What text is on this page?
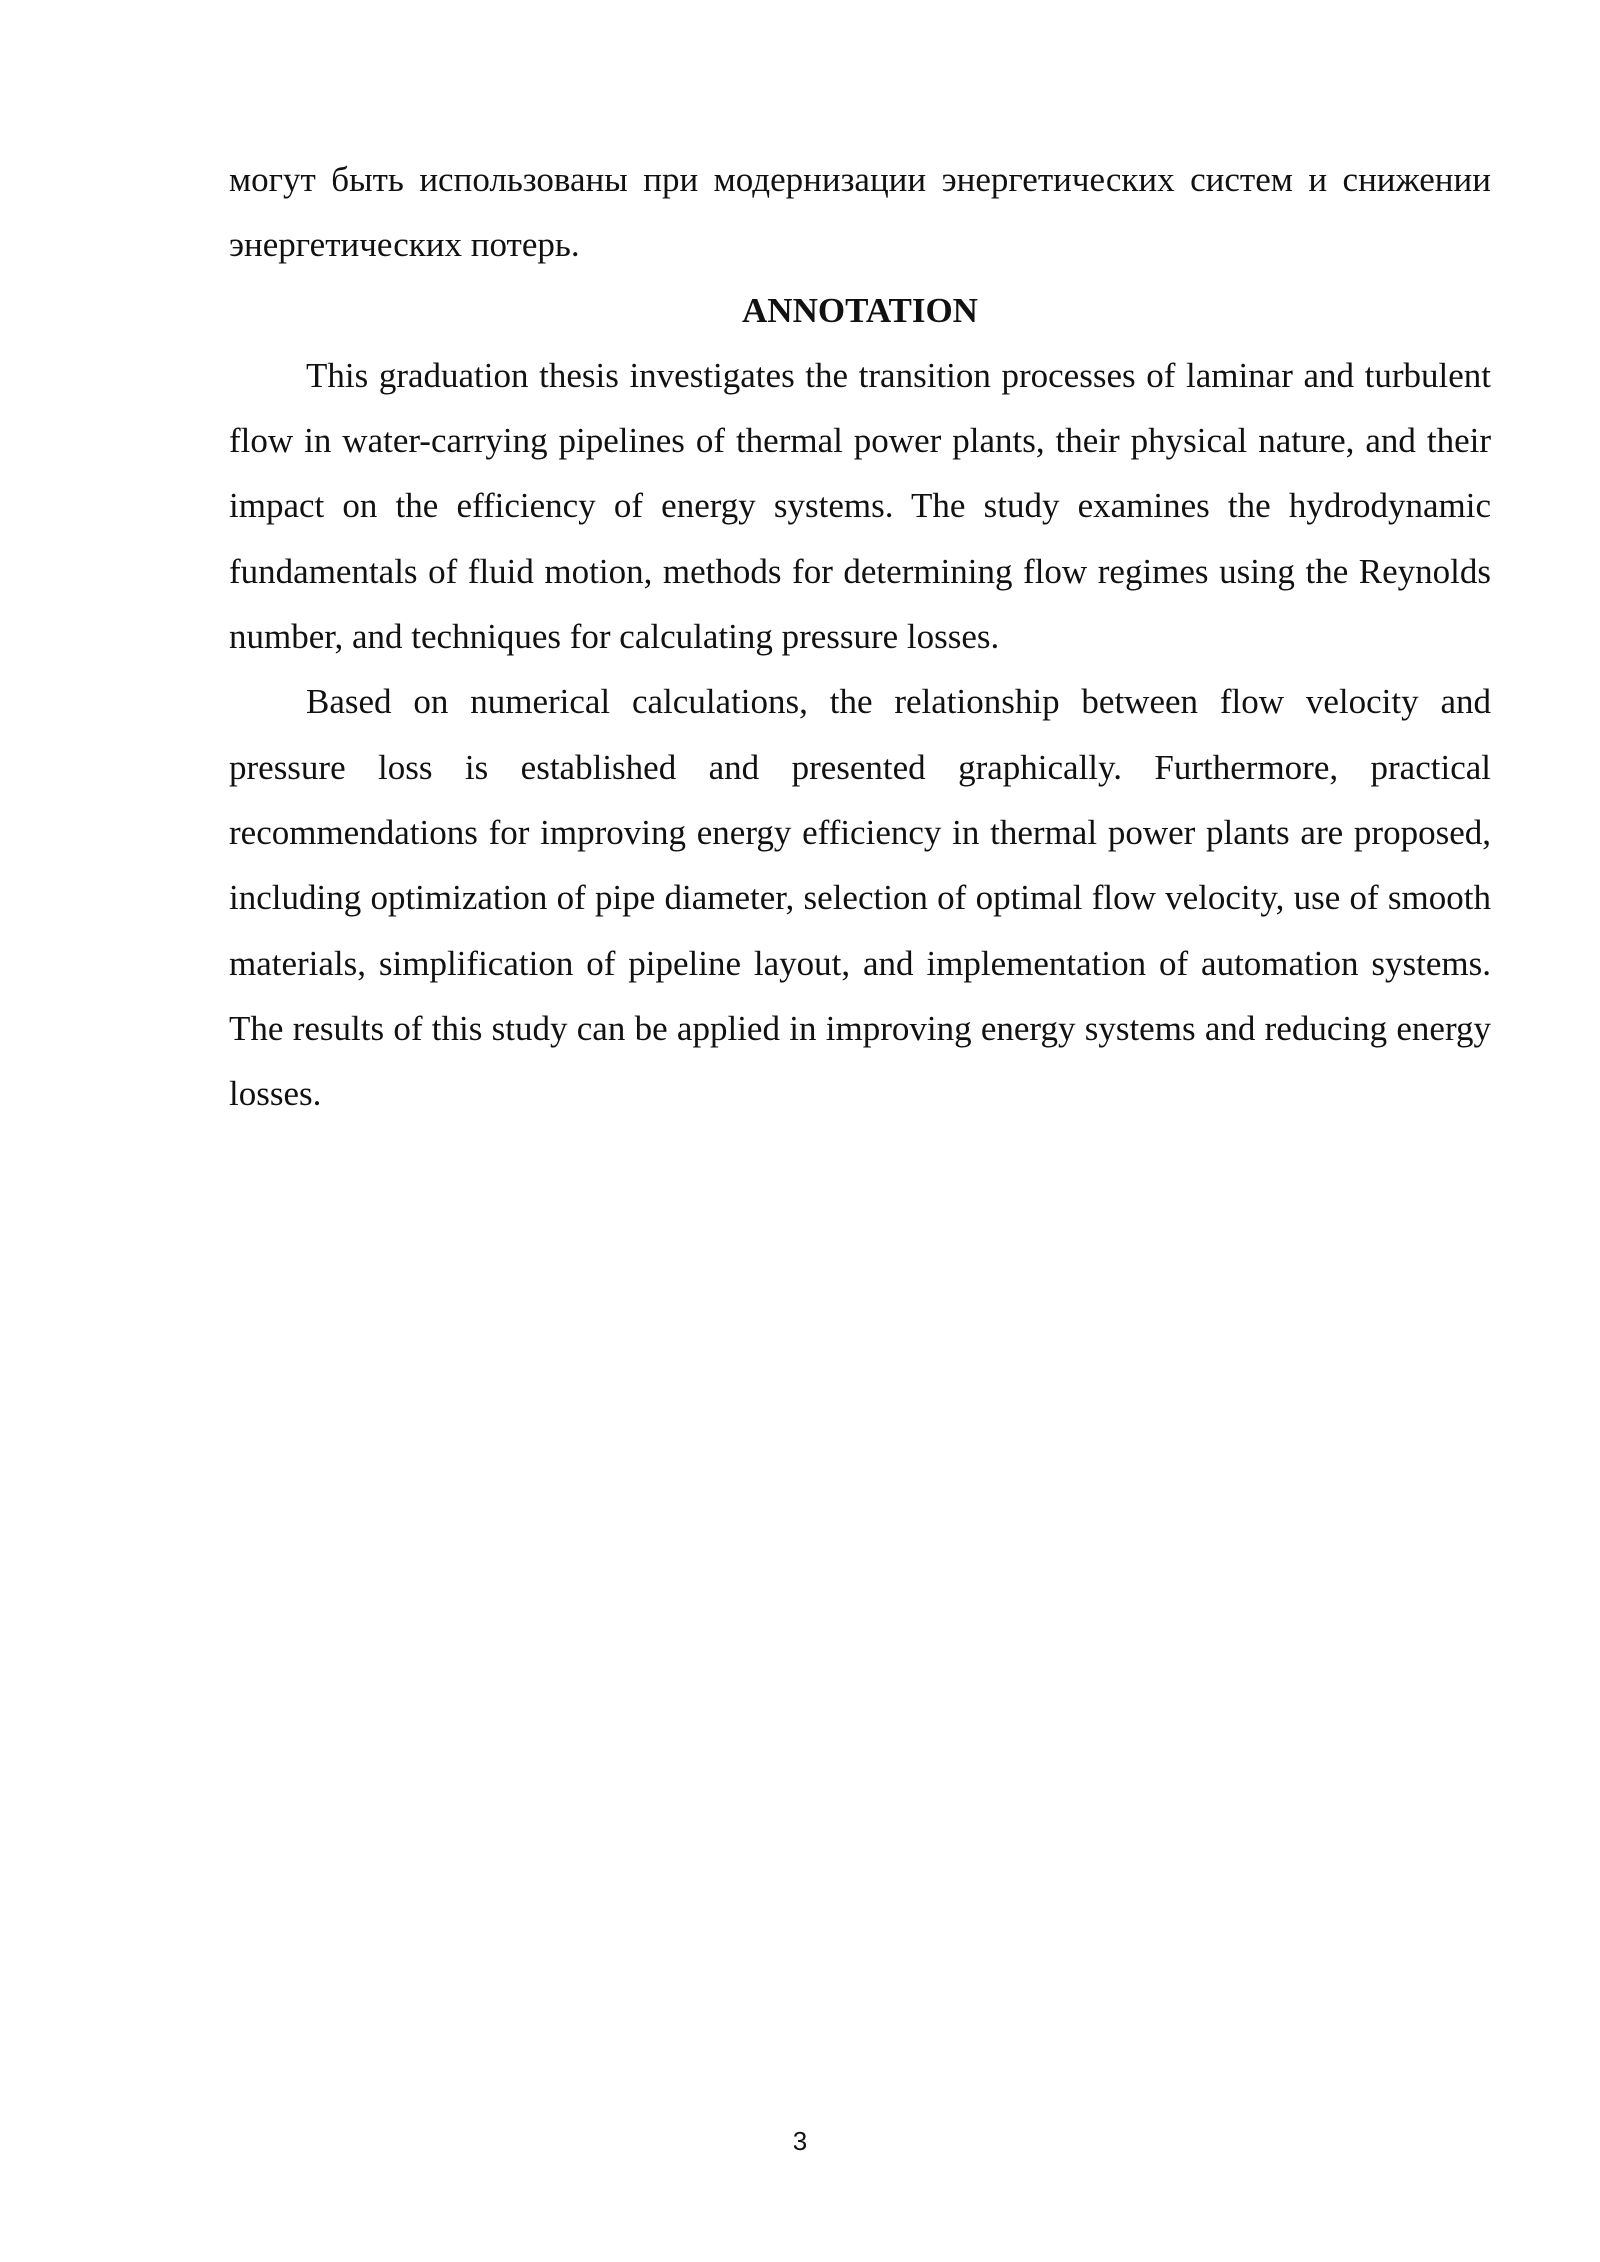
могут быть использованы при модернизации энергетических систем и снижении энергетических потерь.

ANNOTATION

This graduation thesis investigates the transition processes of laminar and turbulent flow in water-carrying pipelines of thermal power plants, their physical nature, and their impact on the efficiency of energy systems. The study examines the hydrodynamic fundamentals of fluid motion, methods for determining flow regimes using the Reynolds number, and techniques for calculating pressure losses.

Based on numerical calculations, the relationship between flow velocity and pressure loss is established and presented graphically. Furthermore, practical recommendations for improving energy efficiency in thermal power plants are proposed, including optimization of pipe diameter, selection of optimal flow velocity, use of smooth materials, simplification of pipeline layout, and implementation of automation systems. The results of this study can be applied in improving energy systems and reducing energy losses.

3
